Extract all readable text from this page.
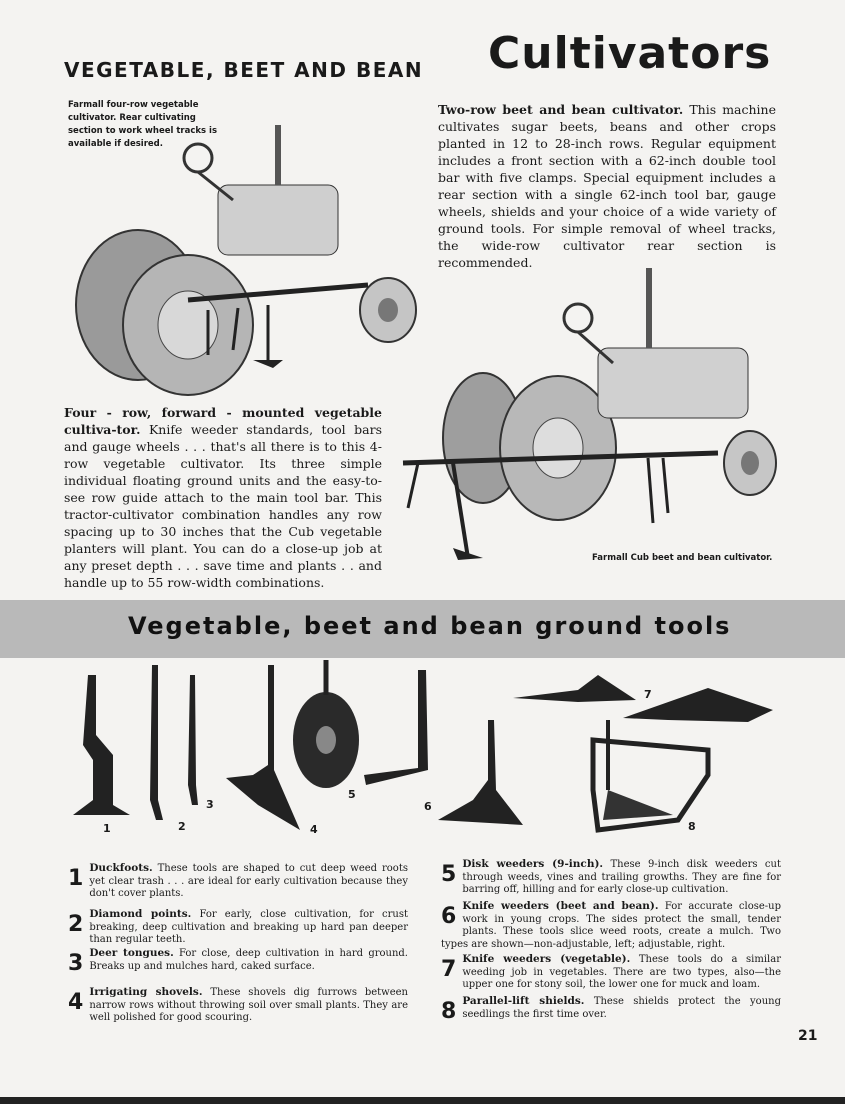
VEGETABLE, BEET AND BEAN Cultivators
Farmall four-row vegetable cultivator. Rear cultivating section to work wheel tracks is available if desired.
Four - row, forward - mounted vegetable cultiva-tor. Knife weeder standards, tool bars and gauge wheels . . . that's all there is to this 4-row vegetable cultivator. Its three simple individual floating ground units and the easy-to-see row guide attach to the main tool bar. This tractor-cultivator combination handles any row spacing up to 30 inches that the Cub vegetable planters will plant. You can do a close-up job at any preset depth . . . save time and plants . . and handle up to 55 row-width combinations.
Two-row beet and bean cultivator. This machine cultivates sugar beets, beans and other crops planted in 12 to 28-inch rows. Regular equipment includes a front section with a 62-inch double tool bar with five clamps. Special equipment includes a rear section with a single 62-inch tool bar, gauge wheels, shields and your choice of a wide variety of ground tools. For simple removal of wheel tracks, the wide-row cultivator rear section is recommended.
Farmall Cub beet and bean cultivator.
Vegetable, beet and bean ground tools
1	2
3
4
5
6
7
8
1 Duckfoots. These tools are shaped to cut deep weed roots yet clear trash . . . are ideal for early cultivation because they don't cover plants.
2 Diamond points. For early, close cultivation, for crust breaking, deep cultivation and breaking up hard pan deeper than regular teeth.
3 Deer tongues. For close, deep cultivation in hard ground. Breaks up and mulches hard, caked surface.
4 Irrigating shovels. These shovels dig furrows between narrow rows without throwing soil over small plants. They are well polished for good scouring.
5 Disk weeders (9-inch). These 9-inch disk weeders cut through weeds, vines and trailing growths. They are fine for barring off, hilling and for early close-up cultivation.
6 Knife weeders (beet and bean). For accurate close-up work in young crops. The sides protect the small, tender plants. These tools slice weed roots, create a mulch. Two types are shown—non-adjustable, left; adjustable, right.
7 Knife weeders (vegetable). These tools do a similar weeding job in vegetables. There are two types, also—the upper one for stony soil, the lower one for muck and loam.
8 Parallel-lift shields. These shields protect the young seedlings the first time over.
21
